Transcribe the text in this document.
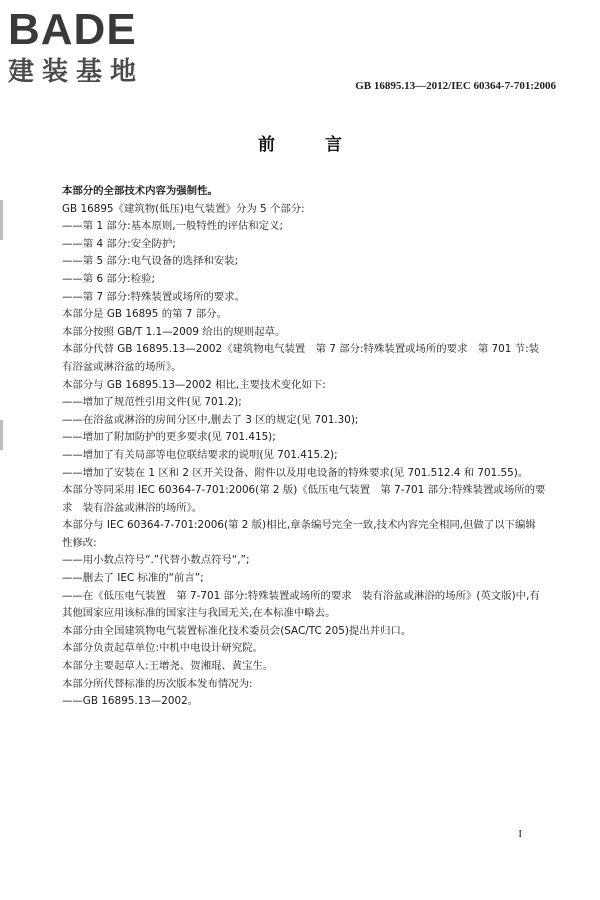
BADE
建装基地	GB 16895.13—2012/IEC 60364-7-701:2006
前 言

本部分的全部技术内容为强制性。

GB 16895《建筑物(低压)电气装置》分为 5 个部分:

——第 1 部分:基本原则,一般特性的评估和定义;

——第 4 部分:安全防护;

——第 5 部分:电气设备的选择和安装;

——第 6 部分:检验;

——第 7 部分:特殊装置或场所的要求。

本部分是 GB 16895 的第 7 部分。

本部分按照 GB/T 1.1—2009 给出的规则起草。

本部分代替 GB 16895.13—2002《建筑物电气装置　第 7 部分:特殊装置或场所的要求　第 701 节:装有浴盆或淋浴盆的场所》。

本部分与 GB 16895.13—2002 相比,主要技术变化如下:

——增加了规范性引用文件(见 701.2);

——在浴盆或淋浴的房间分区中,删去了 3 区的规定(见 701.30);

——增加了附加防护的更多要求(见 701.415);

——增加了有关局部等电位联结要求的说明(见 701.415.2);

——增加了安装在 1 区和 2 区开关设备、附件以及用电设备的特殊要求(见 701.512.4 和 701.55)。

本部分等同采用 IEC 60364-7-701:2006(第 2 版)《低压电气装置　第 7-701 部分:特殊装置或场所的要求　装有浴盆或淋浴的场所》。

本部分与 IEC 60364-7-701:2006(第 2 版)相比,章条编号完全一致,技术内容完全相同,但做了以下编辑性修改:

——用小数点符号“.”代替小数点符号“,”;

——删去了 IEC 标准的“前言”;

——在《低压电气装置　第 7-701 部分:特殊装置或场所的要求　装有浴盆或淋浴的场所》(英文版)中,有其他国家应用该标准的国家注与我国无关,在本标准中略去。

本部分由全国建筑物电气装置标准化技术委员会(SAC/TC 205)提出并归口。

本部分负责起草单位:中机中电设计研究院。

本部分主要起草人:王增尧、贺湘琨、黄宝生。

本部分所代替标准的历次版本发布情况为:

——GB 16895.13—2002。

I
